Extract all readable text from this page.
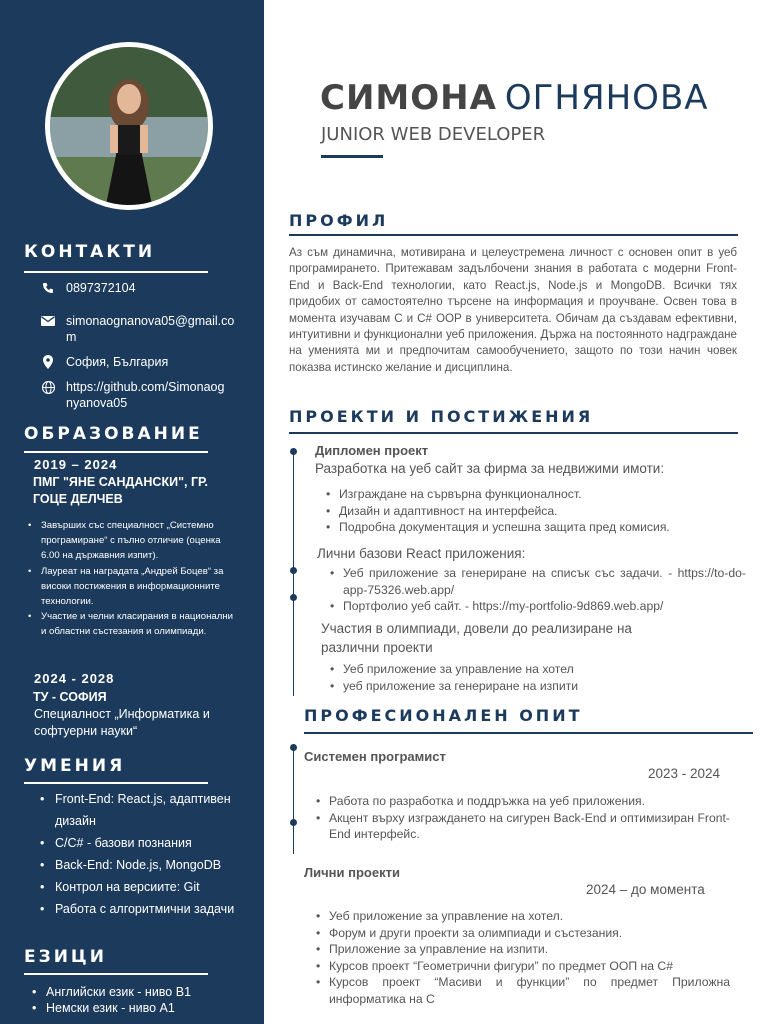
КОНТАКТИ
0897372104
simonaognanova05@gmail.com
София, България
https://github.com/Simonaognyanova05
ОБРАЗОВАНИЕ
2019 – 2024
ПМГ "ЯНЕ САНДАНСКИ", ГР. ГОЦЕ ДЕЛЧЕВ
• Завърших със специалност „Системно програмиране“ с пълно отличие (оценка 6.00 на държавния изпит).
• Лауреат на наградата „Андрей Боцев“ за високи постижения в информационните технологии.
• Участие и челни класирания в национални и областни състезания и олимпиади.
2024 - 2028
ТУ - СОФИЯ
Специалност „Информатика и софтуерни науки“
УМЕНИЯ
• Front-End: React.js, адаптивен дизайн
• C/C# - базови познания
• Back-End: Node.js, MongoDB
• Контрол на версиите: Git
• Работа с алгоритмични задачи
ЕЗИЦИ
• Английски език - ниво B1
• Немски език - ниво A1
СИМОНА ОГНЯНОВА
JUNIOR WEB DEVELOPER
ПРОФИЛ
Аз съм динамична, мотивирана и целеустремена личност с основен опит в уеб програмирането. Притежавам задълбочени знания в работата с модерни Front-End и Back-End технологии, като React.js, Node.js и MongoDB. Всички тях придобих от самостоятелно търсене на информация и проучване. Освен това в момента изучавам C и C# OOP в университета. Обичам да създавам ефективни, интуитивни и функционални уеб приложения. Държа на постоянното надграждане на уменията ми и предпочитам самообучението, защото по този начин човек показва истинско желание и дисциплина.
ПРОЕКТИ И ПОСТИЖЕНИЯ
Дипломен проект
Разработка на уеб сайт за фирма за недвижими имоти:
• Изграждане на сървърна функционалност.
• Дизайн и адаптивност на интерфейса.
• Подробна документация и успешна защита пред комисия.
Лични базови React приложения:
• Уеб приложение за генериране на списък със задачи. - https://to-do-app-75326.web.app/
• Портфолио уеб сайт. - https://my-portfolio-9d869.web.app/
Участия в олимпиади, довели до реализиране на различни проекти
• Уеб приложение за управление на хотел
• уеб приложение за генериране на изпити
ПРОФЕСИОНАЛЕН ОПИТ
Системен програмист
2023 - 2024
• Работа по разработка и поддръжка на уеб приложения.
• Акцент върху изграждането на сигурен Back-End и оптимизиран Front-End интерфейс.
Лични проекти
2024 – до момента
• Уеб приложение за управление на хотел.
• Форум и други проекти за олимпиади и състезания.
• Приложение за управление на изпити.
• Курсов проект “Геометрични фигури” по предмет ООП на C#
• Курсов проект “Масиви и функции” по предмет Приложна информатика на C
